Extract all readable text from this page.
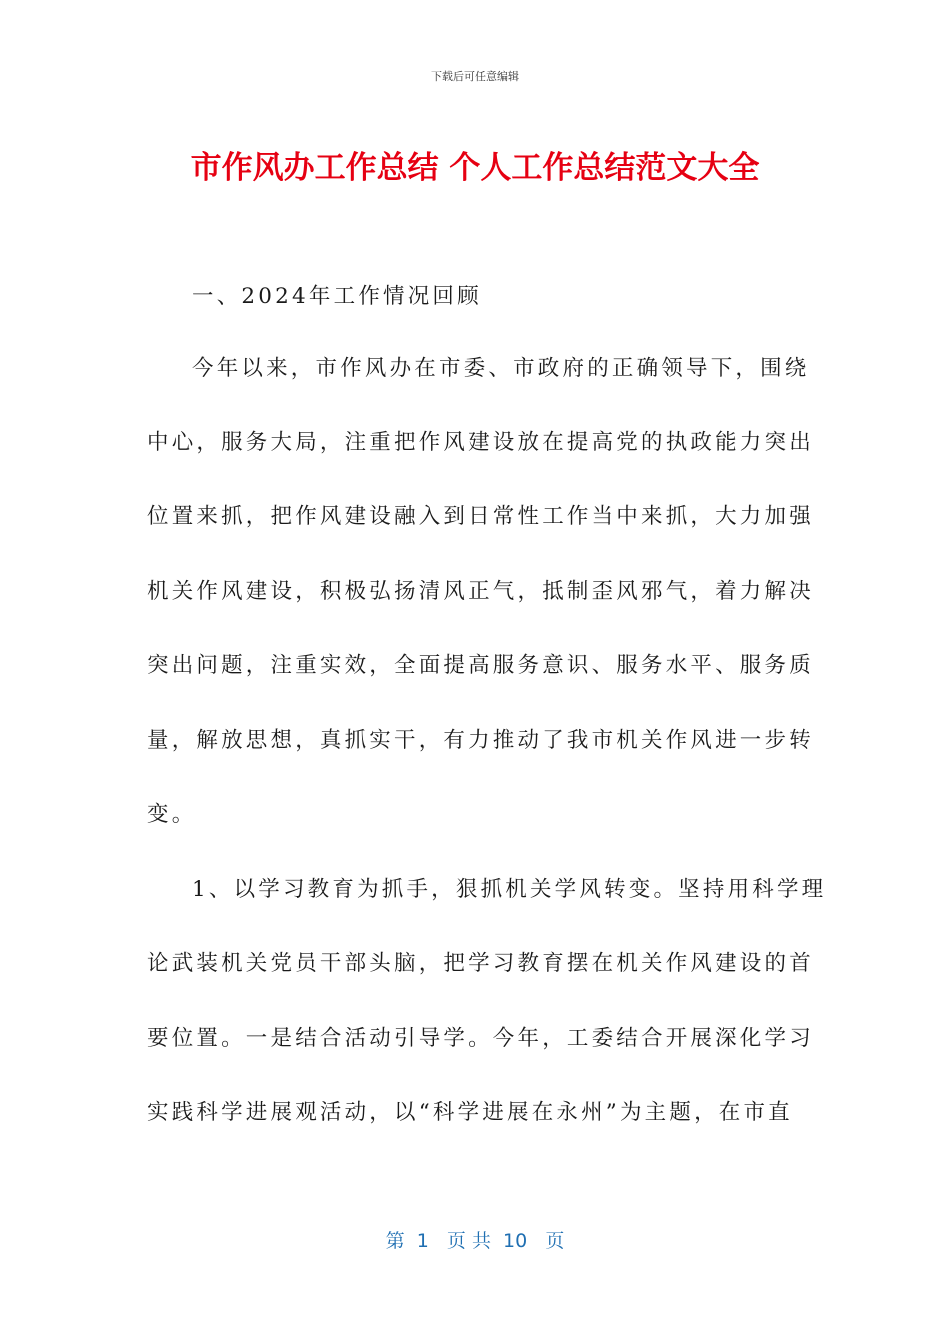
下载后可任意编辑
市作风办工作总结 个人工作总结范文大全
一、2024年工作情况回顾
今年以来，市作风办在市委、市政府的正确领导下，围绕
中心，服务大局，注重把作风建设放在提高党的执政能力突出
位置来抓，把作风建设融入到日常性工作当中来抓，大力加强
机关作风建设，积极弘扬清风正气，抵制歪风邪气，着力解决
突出问题，注重实效，全面提高服务意识、服务水平、服务质
量，解放思想，真抓实干，有力推动了我市机关作风进一步转
变。
1、以学习教育为抓手，狠抓机关学风转变。坚持用科学理
论武装机关党员干部头脑，把学习教育摆在机关作风建设的首
要位置。一是结合活动引导学。今年，工委结合开展深化学习
实践科学进展观活动，以“科学进展在永州”为主题，在市直
第  1   页 共  10   页
